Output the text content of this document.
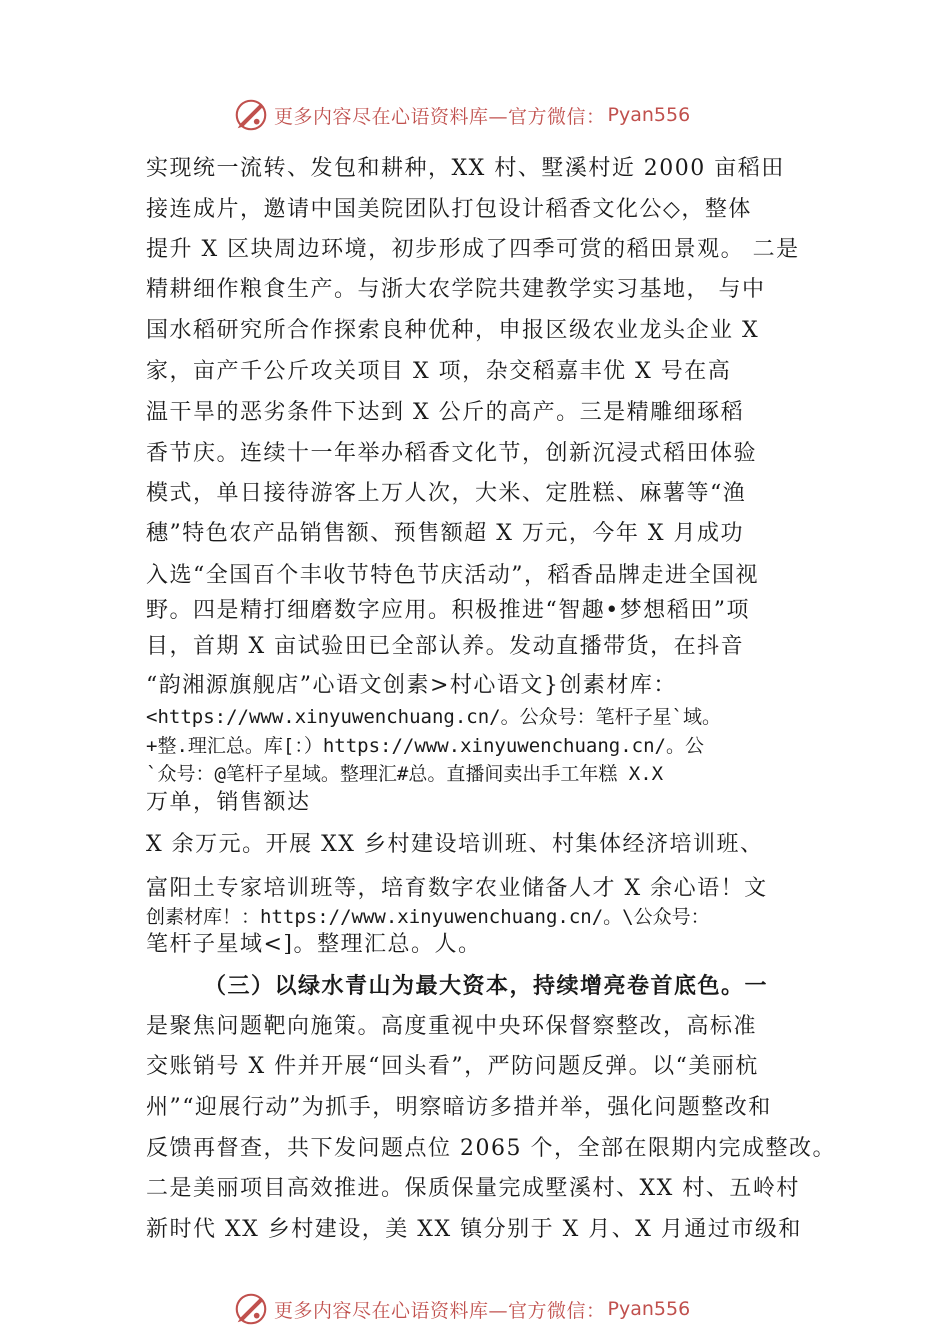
更多内容尽在心语资料库—官方微信： Pyan556
实现统一流转、发包和耕种，XX 村、墅溪村近 2000 亩稻田
接连成片，邀请中国美院团队打包设计稻香文化公◇，整体
提升 X 区块周边环境，初步形成了四季可赏的稻田景观。 二是
精耕细作粮食生产。与浙大农学院共建教学实习基地， 与中
国水稻研究所合作探索良种优种，申报区级农业龙头企业 X
家，亩产千公斤攻关项目 X 项，杂交稻嘉丰优 X 号在高
温干旱的恶劣条件下达到 X 公斤的高产。三是精雕细琢稻
香节庆。连续十一年举办稻香文化节，创新沉浸式稻田体验
模式，单日接待游客上万人次，大米、定胜糕、麻薯等“渔
穗”特色农产品销售额、预售额超 X 万元，今年 X 月成功
入选“全国百个丰收节特色节庆活动”，稻香品牌走进全国视
野。四是精打细磨数字应用。积极推进“智趣•梦想稻田”项
目，首期 X 亩试验田已全部认养。发动直播带货，在抖音
“韵湘源旗舰店”心语文创素>村心语文}创素材库：
<https://www.xinyuwenchuang.cn/。公众号：笔杆子星`域。
+整.理汇总。库[：）https://www.xinyuwenchuang.cn/。公
`众号：@笔杆子星域。整理汇#总。直播间卖出手工年糕 X.X
万单，销售额达
X 余万元。开展 XX 乡村建设培训班、村集体经济培训班、
富阳土专家培训班等，培育数字农业储备人才 X 余心语！文
创素材库！：https://www.xinyuwenchuang.cn/。\公众号：
笔杆子星域<]。整理汇总。人。
（三）以绿水青山为最大资本，持续增亮卷首底色。一
是聚焦问题靶向施策。高度重视中央环保督察整改，高标准
交账销号 X 件并开展“回头看”，严防问题反弹。以“美丽杭
州”“迎展行动”为抓手，明察暗访多措并举，强化问题整改和
反馈再督查，共下发问题点位 2065 个，全部在限期内完成整改。
二是美丽项目高效推进。保质保量完成墅溪村、XX 村、五岭村
新时代 XX 乡村建设，美 XX 镇分别于 X 月、X 月通过市级和
更多内容尽在心语资料库—官方微信： Pyan556
